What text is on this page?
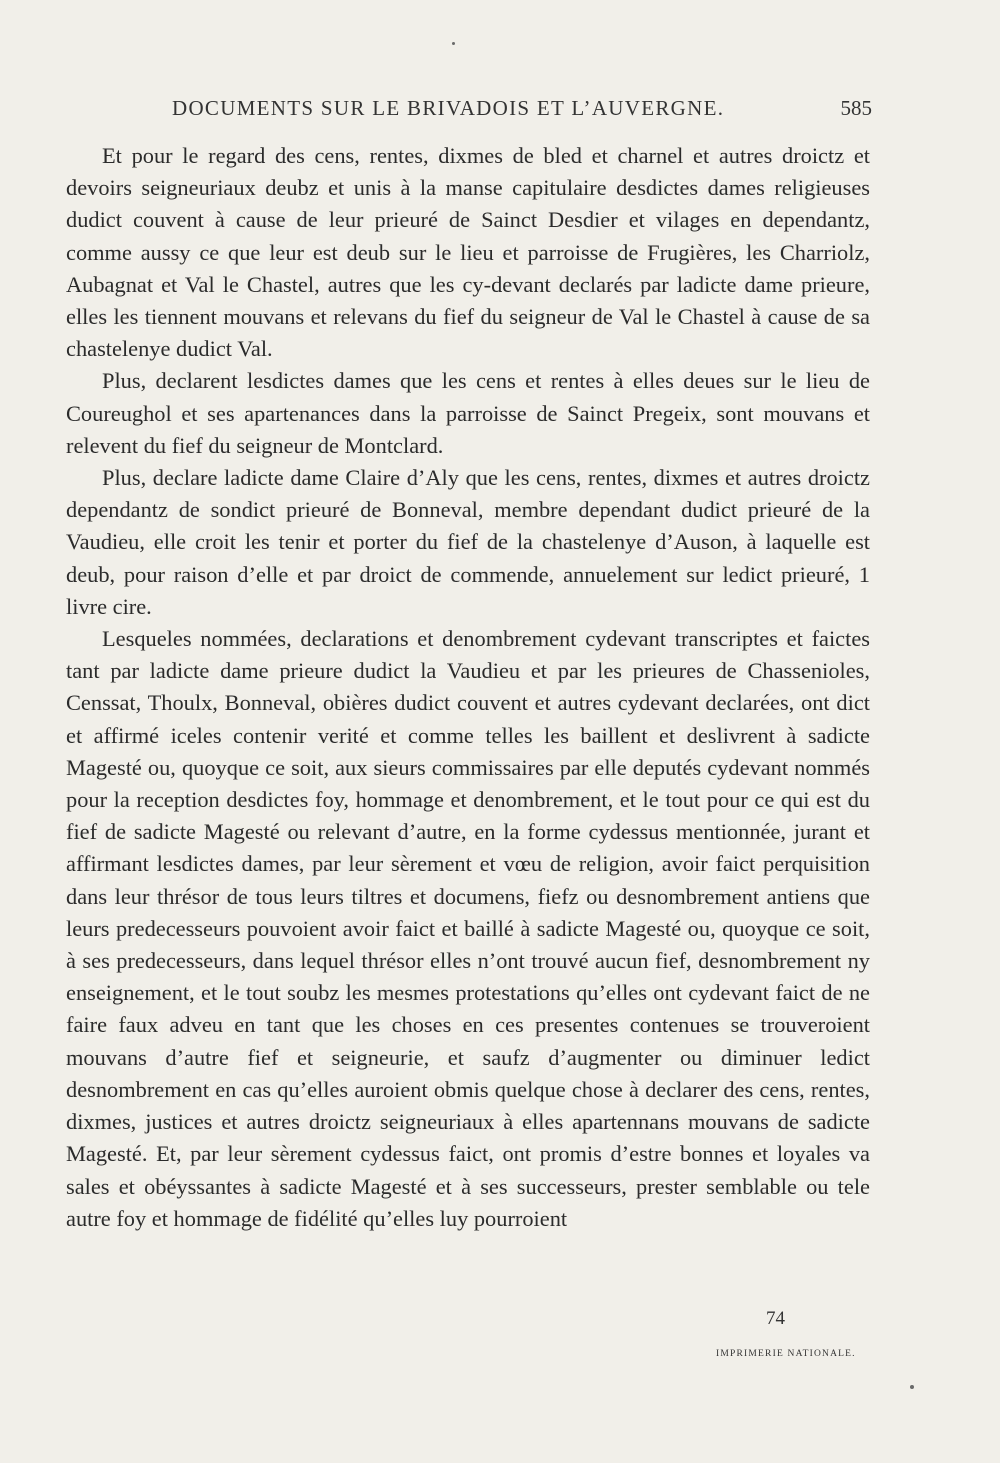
DOCUMENTS SUR LE BRIVADOIS ET L’AUVERGNE.	585

Et pour le regard des cens, rentes, dixmes de bled et charnel et autres droictz et devoirs seigneuriaux deubz et unis à la manse capitulaire desdictes dames religieuses dudict couvent à cause de leur prieuré de Sainct Desdier et vilages en dependantz, comme aussy ce que leur est deub sur le lieu et parroisse de Frugières, les Charriolz, Aubagnat et Val le Chastel, autres que les cy-devant declarés par ladicte dame prieure, elles les tiennent mouvans et relevans du fief du seigneur de Val le Chastel à cause de sa chastelenye dudict Val.

Plus, declarent lesdictes dames que les cens et rentes à elles deues sur le lieu de Coureughol et ses apartenances dans la parroisse de Sainct Pregeix, sont mouvans et relevent du fief du seigneur de Montclard.

Plus, declare ladicte dame Claire d’Aly que les cens, rentes, dixmes et autres droictz dependantz de sondict prieuré de Bonneval, membre dependant dudict prieuré de la Vaudieu, elle croit les tenir et porter du fief de la chastelenye d’Auson, à laquelle est deub, pour raison d’elle et par droict de commende, annuelement sur ledict prieuré, 1 livre cire.

Lesqueles nommées, declarations et denombrement cydevant transcriptes et faictes tant par ladicte dame prieure dudict la Vaudieu et par les prieures de Chassenioles, Censsat, Thoulx, Bonneval, obières dudict couvent et autres cydevant declarées, ont dict et affirmé iceles contenir verité et comme telles les baillent et deslivrent à sadicte Magesté ou, quoyque ce soit, aux sieurs commissaires par elle deputés cydevant nommés pour la reception desdictes foy, hommage et denombrement, et le tout pour ce qui est du fief de sadicte Magesté ou relevant d’autre, en la forme cydessus mentionnée, jurant et affirmant lesdictes dames, par leur sèrement et vœu de religion, avoir faict perquisition dans leur thrésor de tous leurs tiltres et documens, fiefz ou desnombrement antiens que leurs predecesseurs pouvoient avoir faict et baillé à sadicte Magesté ou, quoyque ce soit, à ses predecesseurs, dans lequel thrésor elles n’ont trouvé aucun fief, desnombrement ny enseignement, et le tout soubz les mesmes protestations qu’elles ont cydevant faict de ne faire faux adveu en tant que les choses en ces presentes contenues se trouveroient mouvans d’autre fief et seigneurie, et saufz d’augmenter ou diminuer ledict desnombrement en cas qu’elles auroient obmis quelque chose à declarer des cens, rentes, dixmes, justices et autres droictz seigneuriaux à elles apartennans mouvans de sadicte Magesté. Et, par leur sèrement cydessus faict, ont promis d’estre bonnes et loyales va sales et obéyssantes à sadicte Magesté et à ses successeurs, prester semblable ou tele autre foy et hommage de fidélité qu’elles luy pourroient

74
IMPRIMERIE NATIONALE.
